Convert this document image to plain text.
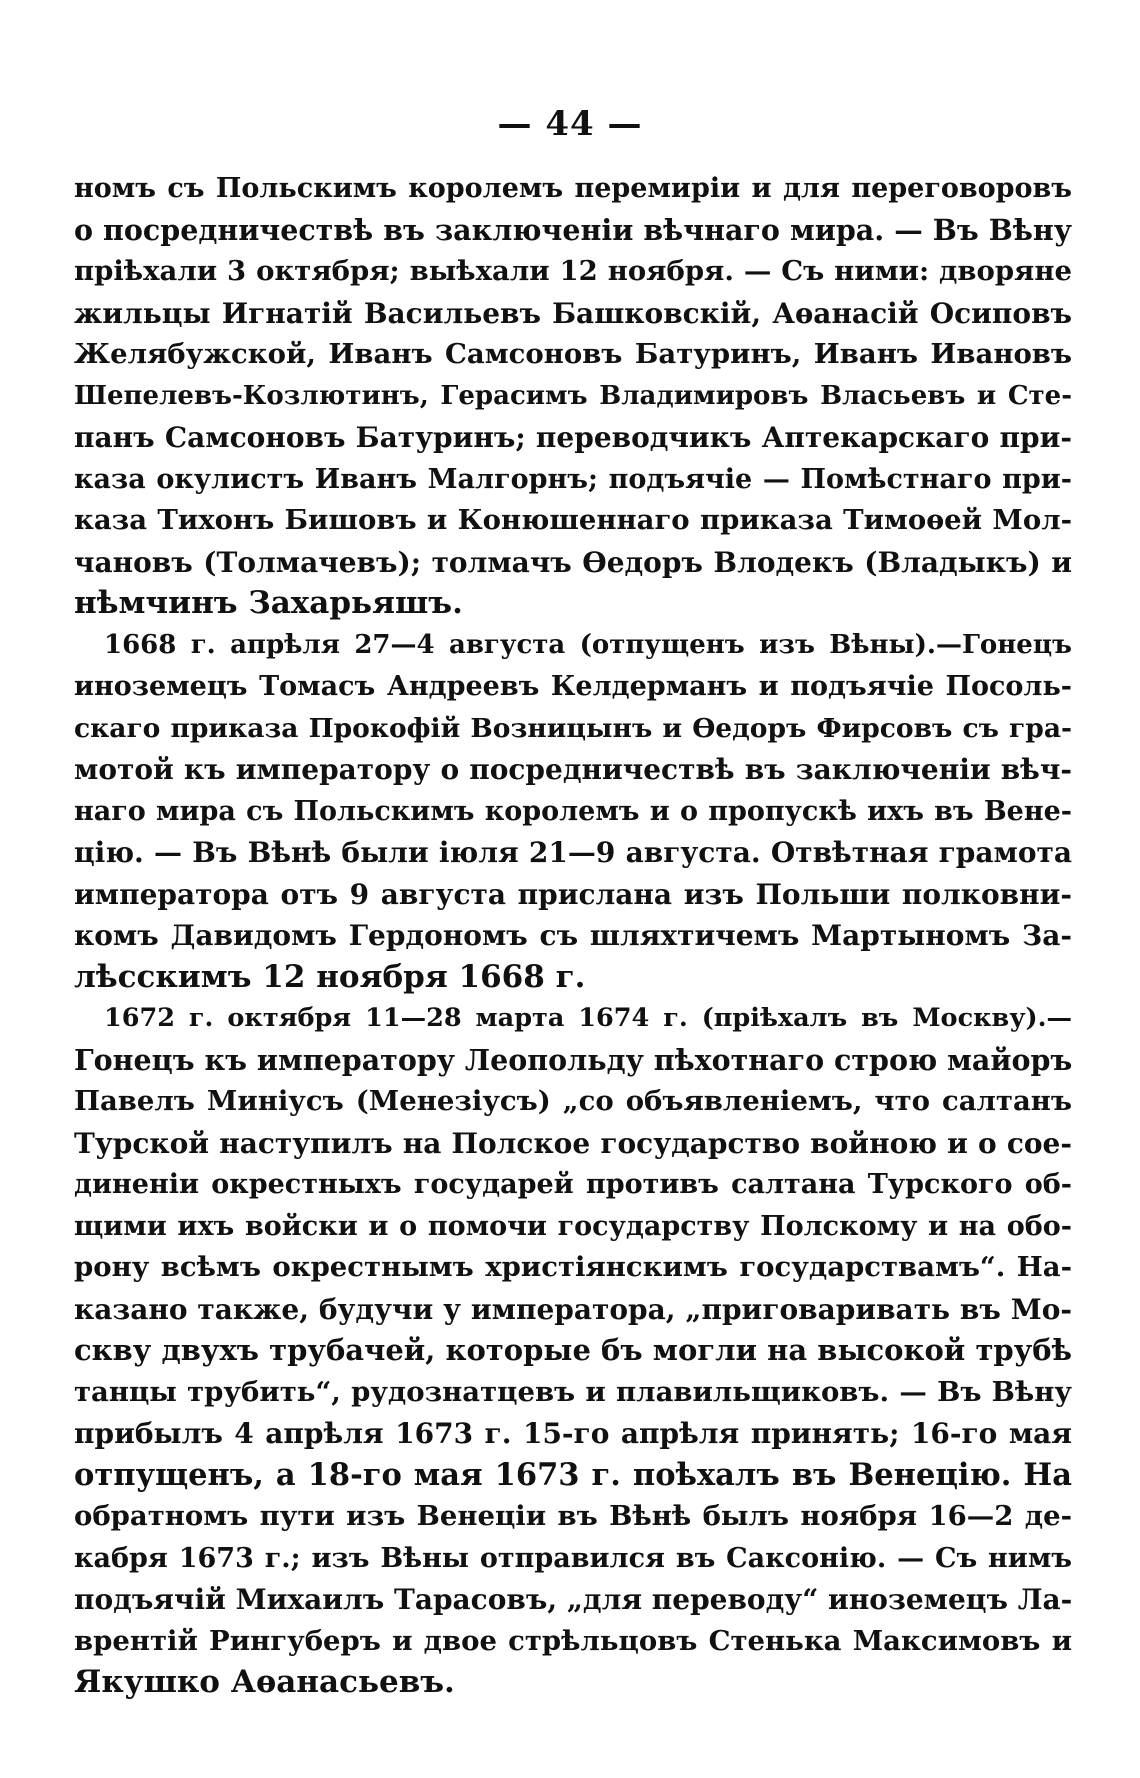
— 44 —
номъ съ Польскимъ королемъ перемиріи и для переговоровъ
о посредничествѣ въ заключеніи вѣчнаго мира. — Въ Вѣну
пріѣхали 3 октября; выѣхали 12 ноября. — Съ ними: дворяне
жильцы Игнатій Васильевъ Башковскій, Аѳанасій Осиповъ
Желябужской, Иванъ Самсоновъ Батуринъ, Иванъ Ивановъ
Шепелевъ-Козлютинъ, Герасимъ Владимировъ Власьевъ и Сте-
панъ Самсоновъ Батуринъ; переводчикъ Аптекарскаго при-
каза окулистъ Иванъ Малгорнъ; подъячіе — Помѣстнаго при-
каза Тихонъ Бишовъ и Конюшеннаго приказа Тимоѳей Мол-
чановъ (Толмачевъ); толмачъ Ѳедоръ Влодекъ (Владыкъ) и
нѣмчинъ Захарьяшъ.
1668 г. апрѣля 27—4 августа (отпущенъ изъ Вѣны).—Гонецъ
иноземецъ Томасъ Андреевъ Келдерманъ и подъячіе Посоль-
скаго приказа Прокофій Возницынъ и Ѳедоръ Фирсовъ съ гра-
мотой къ императору о посредничествѣ въ заключеніи вѣч-
наго мира съ Польскимъ королемъ и о пропускѣ ихъ въ Вене-
цію. — Въ Вѣнѣ были іюля 21—9 августа. Отвѣтная грамота
императора отъ 9 августа прислана изъ Польши полковни-
комъ Давидомъ Гердономъ съ шляхтичемъ Мартыномъ За-
лѣсскимъ 12 ноября 1668 г.
1672 г. октября 11—28 марта 1674 г. (пріѣхалъ въ Москву).—
Гонецъ къ императору Леопольду пѣхотнаго строю майоръ
Павелъ Миніусъ (Менезіусъ) „со объявленіемъ, что салтанъ
Турской наступилъ на Полское государство войною и о сое-
диненіи окрестныхъ государей противъ салтана Турского об-
щими ихъ войски и о помочи государству Полскому и на обо-
рону всѣмъ окрестнымъ христіянскимъ государствамъ“. На-
казано также, будучи у императора, „приговаривать въ Мо-
скву двухъ трубачей, которые бъ могли на высокой трубѣ
танцы трубить“, рудознатцевъ и плавильщиковъ. — Въ Вѣну
прибылъ 4 апрѣля 1673 г. 15-го апрѣля принять; 16-го мая
отпущенъ, а 18-го мая 1673 г. поѣхалъ въ Венецію. На
обратномъ пути изъ Венеціи въ Вѣнѣ былъ ноября 16—2 де-
кабря 1673 г.; изъ Вѣны отправился въ Саксонію. — Съ нимъ
подъячій Михаилъ Тарасовъ, „для переводу“ иноземецъ Ла-
врентій Рингуберъ и двое стрѣльцовъ Стенька Максимовъ и
Якушко Аѳанасьевъ.
